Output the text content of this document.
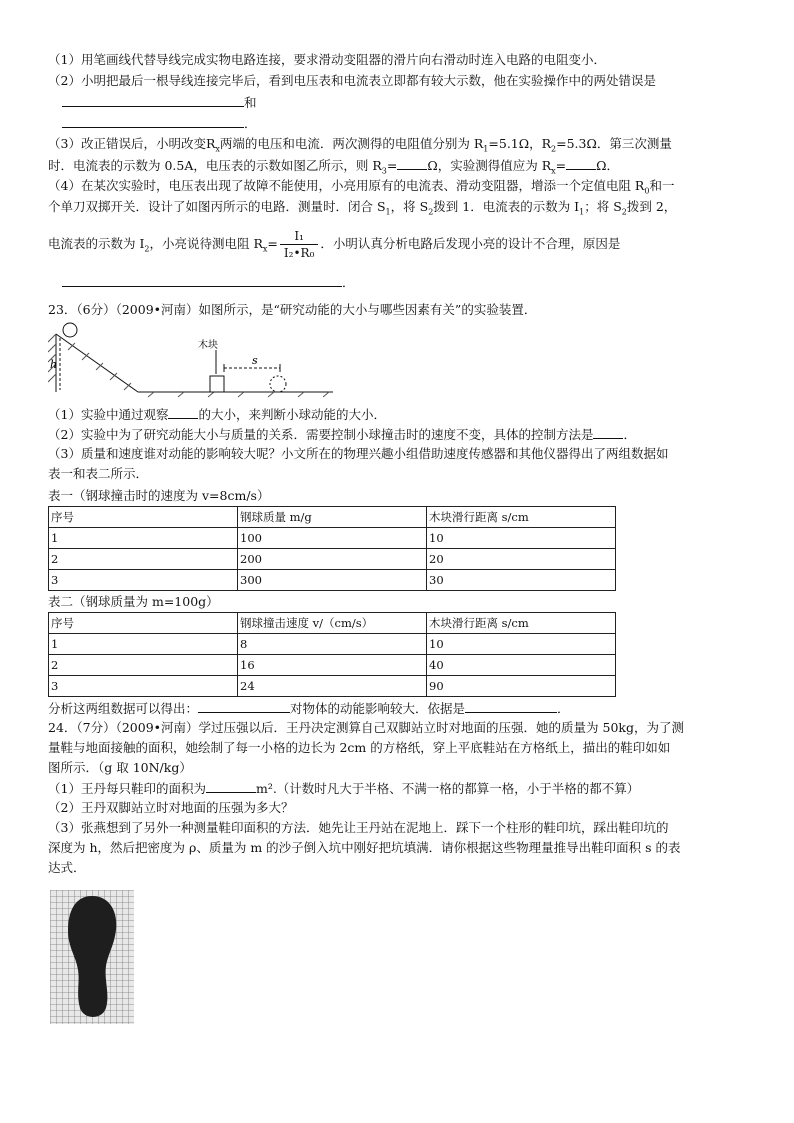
（1）用笔画线代替导线完成实物电路连接，要求滑动变阻器的滑片向右滑动时连入电路的电阻变小．
（2）小明把最后一根导线连接完毕后，看到电压表和电流表立即都有较大示数，他在实验操作中的两处错误是
和
．
（3）改正错误后，小明改变$R_x$两端的电压和电流．两次测得的电阻值分别为 $R_1=5.1\Omega$，$R_2=5.3\Omega$．第三次测量
时．电流表的示数为 0.5A，电压表的示数如图乙所示，则 $R_3= \Omega$，实验测得值应为 $R_x= \Omega$．
（4）在某次实验时，电压表出现了故障不能使用，小亮用原有的电流表、滑动变阻器，增添一个定值电阻 $R_0$和一
个单刀双掷开关．设计了如图丙所示的电路．测量时．闭合 $S_1$，将 $S_2$拨到 1．电流表的示数为 $I_1$；将 $S_2$拨到 2，
电流表的示数为 $I_2$，小亮说待测电阻 $R_x= \frac{\text{I₁}}{\text{I₂•R₀}}$ ．小明认真分析电路后发现小亮的设计不合理，原因是
．
23．（6分）（2009•河南）如图所示，是“研究动能的大小与哪些因素有关”的实验装置．
h
木块
s
（1）实验中通过观察 的大小，来判断小球动能的大小．
（2）实验中为了研究动能大小与质量的关系．需要控制小球撞击时的速度不变，具体的控制方法是 ．
（3）质量和速度谁对动能的影响较大呢？小文所在的物理兴趣小组借助速度传感器和其他仪器得出了两组数据如
表一和表二所示．
表一（钢球撞击时的速度为 v=8cm/s）
序号	钢球质量 m/g	木块滑行距离 s/cm
1	100	10
2	200	20
3	300	30
表二（钢球质量为 m=100g）
序号	钢球撞击速度 v/（cm/s）	木块滑行距离 s/cm
1	8	10
2	16	40
3	24	90
分析这两组数据可以得出：	对物体的动能影响较大．依据是	．
24．（7分）（2009•河南）学过压强以后．王丹决定测算自己双脚站立时对地面的压强．她的质量为 50kg，为了测
量鞋与地面接触的面积，她绘制了每一小格的边长为 2cm 的方格纸，穿上平底鞋站在方格纸上，描出的鞋印如如
图所示．（g 取 10N/kg）
（1）王丹每只鞋印的面积为	m².（计数时凡大于半格、不满一格的都算一格，小于半格的都不算）
（2）王丹双脚站立时对地面的压强为多大？
（3）张燕想到了另外一种测量鞋印面积的方法．她先让王丹站在泥地上．踩下一个柱形的鞋印坑，踩出鞋印坑的
深度为 h，然后把密度为 ρ、质量为 m 的沙子倒入坑中刚好把坑填满．请你根据这些物理量推导出鞋印面积 s 的表
达式．
